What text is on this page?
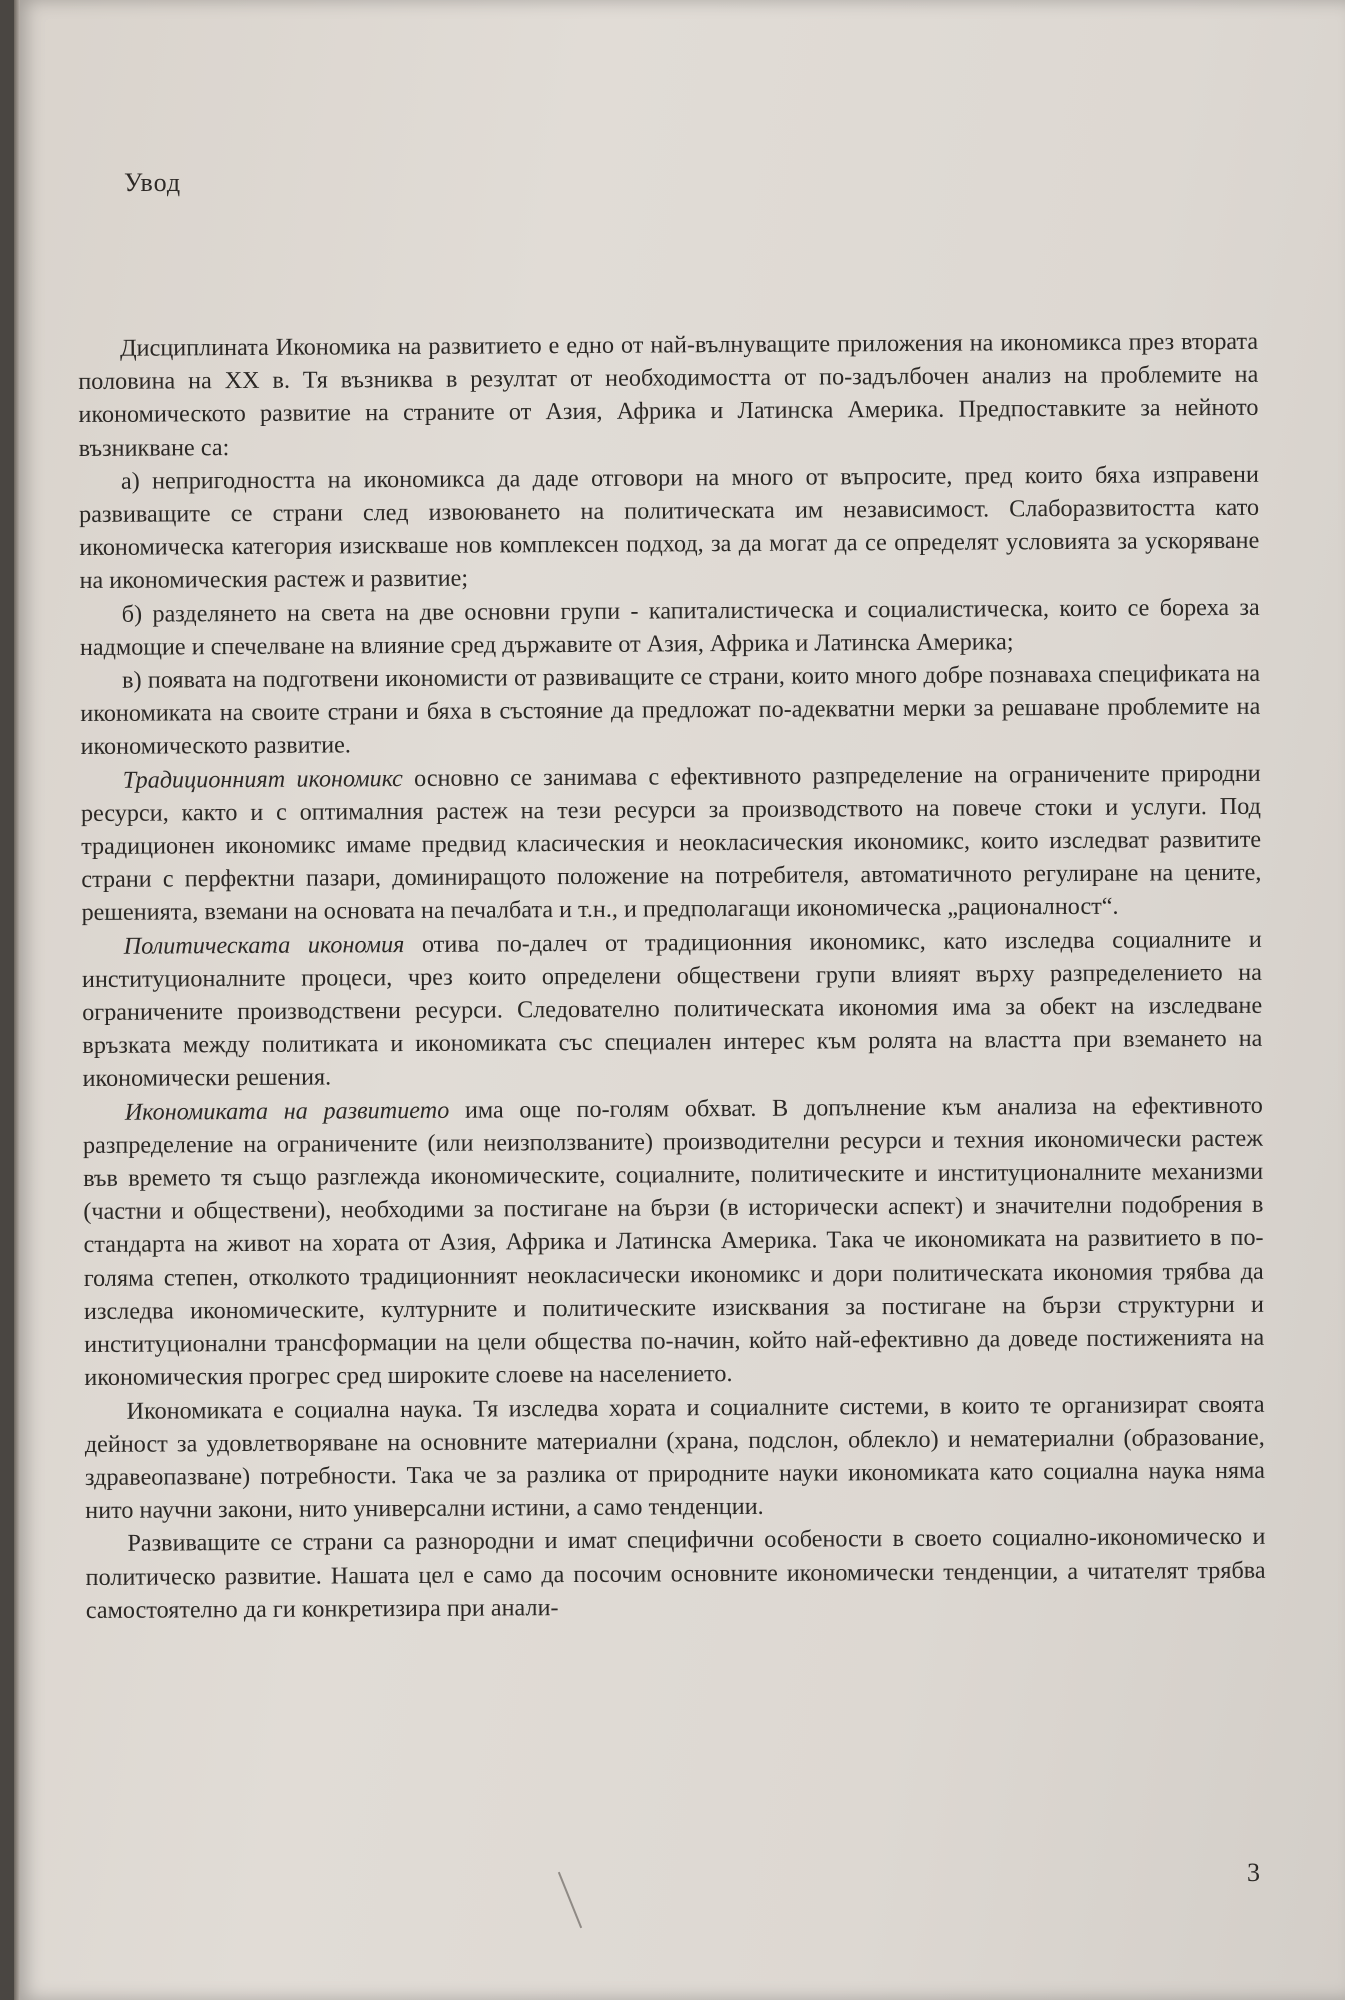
Увод

Дисциплината Икономика на развитието е едно от най-вълнуващите приложения на икономикса през втората половина на XX в. Тя възниква в резултат от необходимостта от по-задълбочен анализ на проблемите на икономическото развитие на страните от Азия, Африка и Латинска Америка. Предпоставките за нейното възникване са:

а) непригодността на икономикса да даде отговори на много от въпросите, пред които бяха изправени развиващите се страни след извоюването на политическата им независимост. Слаборазвитостта като икономическа категория изискваше нов комплексен подход, за да могат да се определят условията за ускоряване на икономическия растеж и развитие;

б) разделянето на света на две основни групи - капиталистическа и социалистическа, които се бореха за надмощие и спечелване на влияние сред държавите от Азия, Африка и Латинска Америка;

в) появата на подготвени икономисти от развиващите се страни, които много добре познаваха спецификата на икономиката на своите страни и бяха в състояние да предложат по-адекватни мерки за решаване проблемите на икономическото развитие.

Традиционният икономикс основно се занимава с ефективното разпределение на ограничените природни ресурси, както и с оптималния растеж на тези ресурси за производството на повече стоки и услуги. Под традиционен икономикс имаме предвид класическия и неокласическия икономикс, които изследват развитите страни с перфектни пазари, доминиращото положение на потребителя, автоматичното регулиране на цените, решенията, вземани на основата на печалбата и т.н., и предполагащи икономическа „рационалност“.

Политическата икономия отива по-далеч от традиционния икономикс, като изследва социалните и институционалните процеси, чрез които определени обществени групи влияят върху разпределението на ограничените производствени ресурси. Следователно политическата икономия има за обект на изследване връзката между политиката и икономиката със специален интерес към ролята на властта при вземането на икономически решения.

Икономиката на развитието има още по-голям обхват. В допълнение към анализа на ефективното разпределение на ограничените (или неизползваните) производителни ресурси и техния икономически растеж във времето тя също разглежда икономическите, социалните, политическите и институционалните механизми (частни и обществени), необходими за постигане на бързи (в исторически аспект) и значителни подобрения в стандарта на живот на хората от Азия, Африка и Латинска Америка. Така че икономиката на развитието в по-голяма степен, отколкото традиционният неокласически икономикс и дори политическата икономия трябва да изследва икономическите, културните и политическите изисквания за постигане на бързи структурни и институционални трансформации на цели общества по-начин, който най-ефективно да доведе постиженията на икономическия прогрес сред широките слоеве на населението.

Икономиката е социална наука. Тя изследва хората и социалните системи, в които те организират своята дейност за удовлетворяване на основните материални (храна, подслон, облекло) и нематериални (образование, здравеопазване) потребности. Така че за разлика от природните науки икономиката като социална наука няма нито научни закони, нито универсални истини, а само тенденции.

Развиващите се страни са разнородни и имат специфични особености в своето социално-икономическо и политическо развитие. Нашата цел е само да посочим основните икономически тенденции, а читателят трябва самостоятелно да ги конкретизира при анали-

3
